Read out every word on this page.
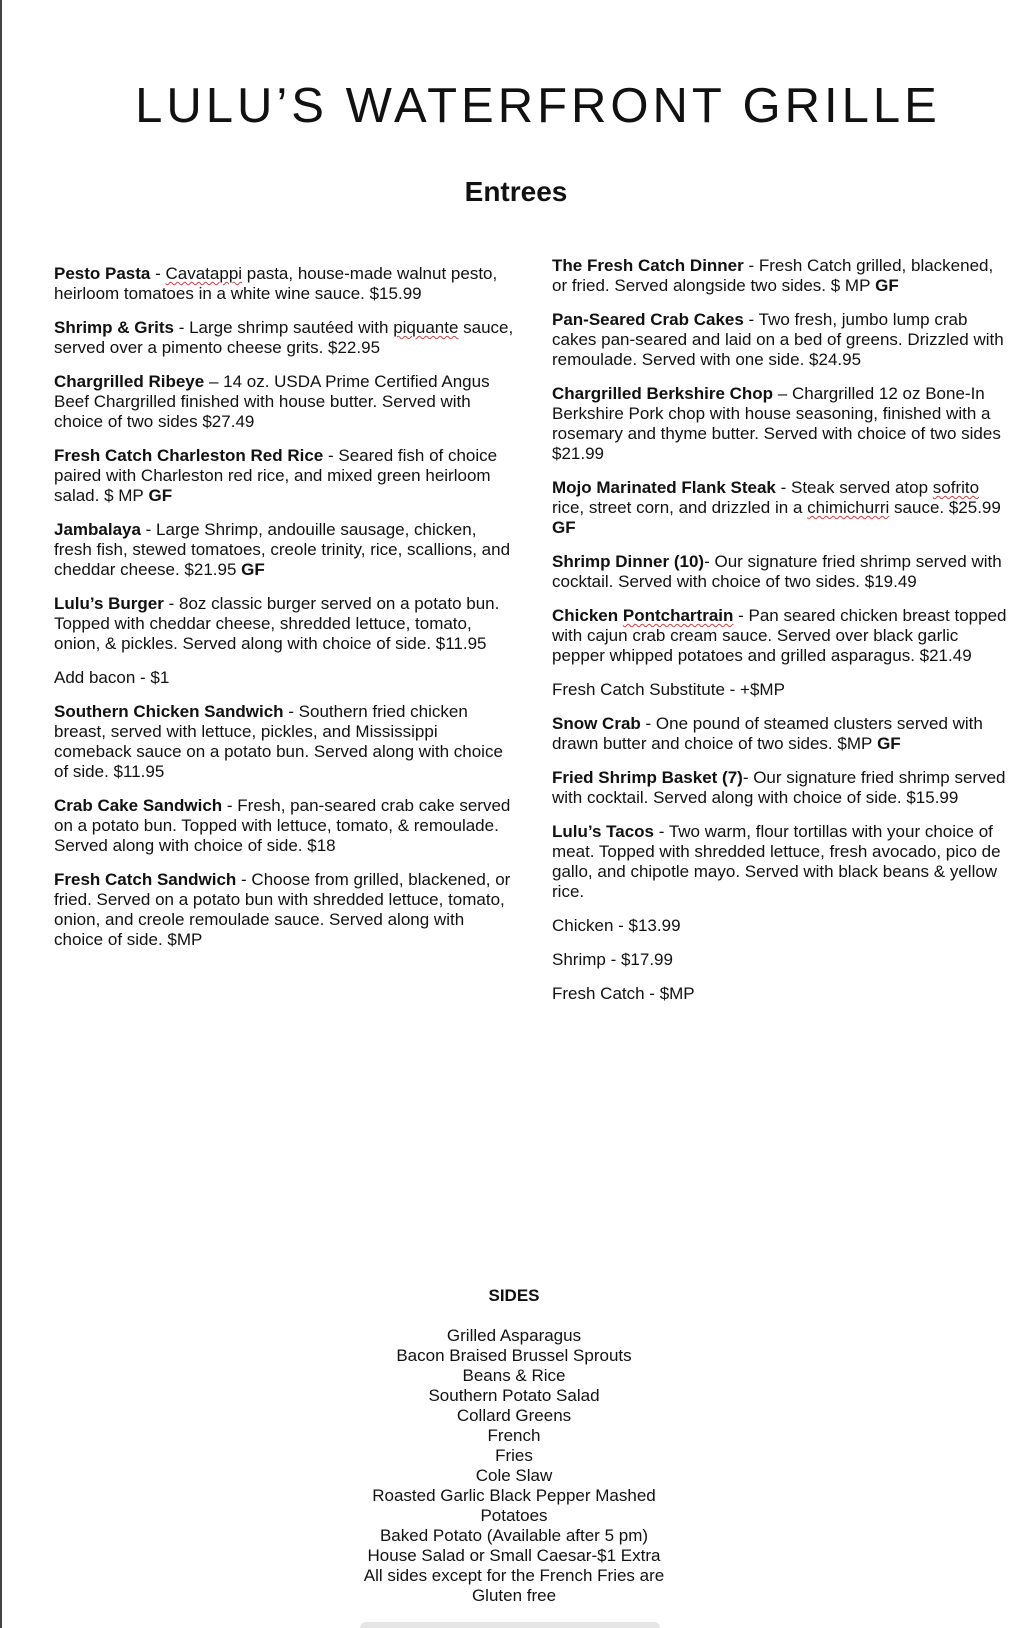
LULU’S WATERFRONT GRILLE
Entrees

Pesto Pasta - Cavatappi pasta, house-made walnut pesto, heirloom tomatoes in a white wine sauce. $15.99

Shrimp & Grits - Large shrimp sautéed with piquante sauce, served over a pimento cheese grits. $22.95

Chargrilled Ribeye – 14 oz. USDA Prime Certified Angus Beef Chargrilled finished with house butter. Served with choice of two sides $27.49

Fresh Catch Charleston Red Rice - Seared fish of choice paired with Charleston red rice, and mixed green heirloom salad. $ MP GF

Jambalaya - Large Shrimp, andouille sausage, chicken, fresh fish, stewed tomatoes, creole trinity, rice, scallions, and cheddar cheese. $21.95 GF

Lulu’s Burger - 8oz classic burger served on a potato bun. Topped with cheddar cheese, shredded lettuce, tomato, onion, & pickles. Served along with choice of side. $11.95

Add bacon - $1

Southern Chicken Sandwich - Southern fried chicken breast, served with lettuce, pickles, and Mississippi comeback sauce on a potato bun. Served along with choice of side. $11.95

Crab Cake Sandwich - Fresh, pan-seared crab cake served on a potato bun. Topped with lettuce, tomato, & remoulade. Served along with choice of side. $18

Fresh Catch Sandwich - Choose from grilled, blackened, or fried. Served on a potato bun with shredded lettuce, tomato, onion, and creole remoulade sauce. Served along with choice of side. $MP

The Fresh Catch Dinner - Fresh Catch grilled, blackened, or fried. Served alongside two sides. $ MP GF

Pan-Seared Crab Cakes - Two fresh, jumbo lump crab cakes pan-seared and laid on a bed of greens. Drizzled with remoulade. Served with one side. $24.95

Chargrilled Berkshire Chop – Chargrilled 12 oz Bone-In Berkshire Pork chop with house seasoning, finished with a rosemary and thyme butter. Served with choice of two sides $21.99

Mojo Marinated Flank Steak - Steak served atop sofrito rice, street corn, and drizzled in a chimichurri sauce. $25.99 GF

Shrimp Dinner (10)- Our signature fried shrimp served with cocktail. Served with choice of two sides. $19.49

Chicken Pontchartrain - Pan seared chicken breast topped with cajun crab cream sauce. Served over black garlic pepper whipped potatoes and grilled asparagus. $21.49

Fresh Catch Substitute - +$MP

Snow Crab - One pound of steamed clusters served with drawn butter and choice of two sides. $MP GF

Fried Shrimp Basket (7)- Our signature fried shrimp served with cocktail. Served along with choice of side. $15.99

Lulu’s Tacos - Two warm, flour tortillas with your choice of meat. Topped with shredded lettuce, fresh avocado, pico de gallo, and chipotle mayo. Served with black beans & yellow rice.

Chicken - $13.99

Shrimp - $17.99

Fresh Catch - $MP

SIDES
Grilled Asparagus
Bacon Braised Brussel Sprouts
Beans & Rice
Southern Potato Salad
Collard Greens
French
Fries
Cole Slaw
Roasted Garlic Black Pepper Mashed
Potatoes
Baked Potato (Available after 5 pm)
House Salad or Small Caesar-$1 Extra
All sides except for the French Fries are
Gluten free
